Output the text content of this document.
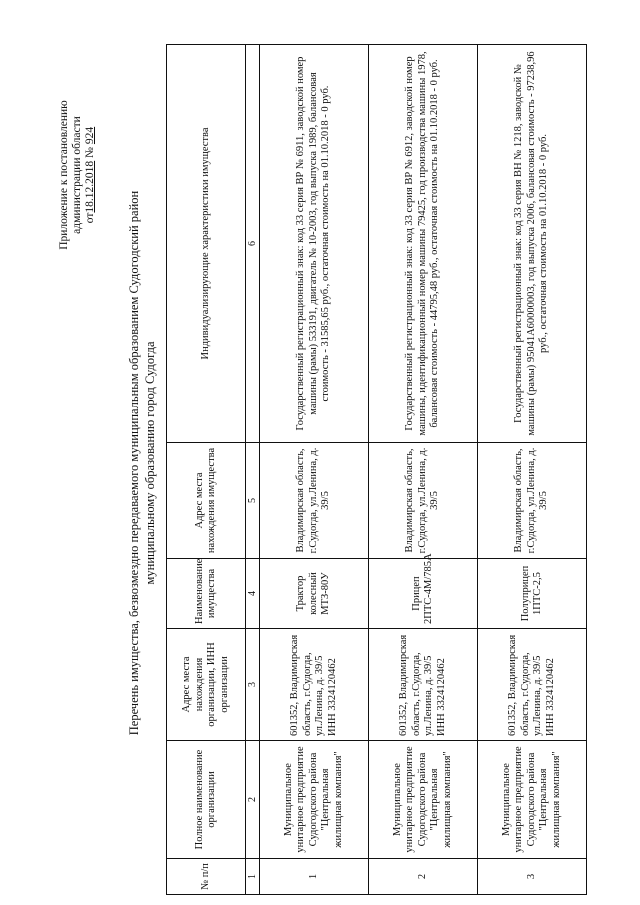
Приложение к постановлению администрации области от18.12.2018 № 924
Перечень имущества, безвозмездно передаваемого муниципальным образованием Судогодский район муниципальному образованию город Судогда
№ п/п	Полное наименование организации	Адрес места нахождения организации, ИНН организации	Наименование имущества	Адрес места нахождения имущества	Индивидуализирующие характеристики имущества
1	2	3	4	5	6
1	Муниципальное унитарное предприятие Судогодского района "Центральная жилищная компания"	601352, Владимирская область, г.Судогда, ул.Ленина, д. 39/5 ИНН 3324120462	Трактор колесный МТЗ-80У	Владимирская область, г.Судогда, ул.Ленина, д. 39/5	Государственный регистрационный знак: код 33 серия ВР № 6911, заводской номер машины (рамы) 533191, двигатель № 10-2003, год выпуска 1989, балансовая стоимость - 31585,65 руб., остаточная стоимость на 01.10.2018 - 0 руб.
2	Муниципальное унитарное предприятие Судогодского района "Центральная жилищная компания"	601352, Владимирская область, г.Судогда, ул.Ленина, д. 39/5 ИНН 3324120462	Прицеп 2ПТС-4М/785А	Владимирская область, г.Судогда, ул.Ленина, д. 39/5	Государственный регистрационный знак: код 33 серия ВР № 6912, заводской номер машины, идентификационный номер машины 79425, год производства машины 1978, балансовая стоимость - 44795,48 руб., остаточная стоимость на 01.10.2018 - 0 руб.
3	Муниципальное унитарное предприятие Судогодского района "Центральная жилищная компания"	601352, Владимирская область, г.Судогда, ул.Ленина, д. 39/5 ИНН 3324120462	Полуприцеп 1ПТС-2,5	Владимирская область, г.Судогда, ул.Ленина, д. 39/5	Государственный регистрационный знак: код 33 серия ВН № 1218, заводской № машины (рамы) 95041А60000003, год выпуска 2006, балансовая стоимость - 97238,96 руб., остаточная стоимость на 01.10.2018 - 0 руб.
